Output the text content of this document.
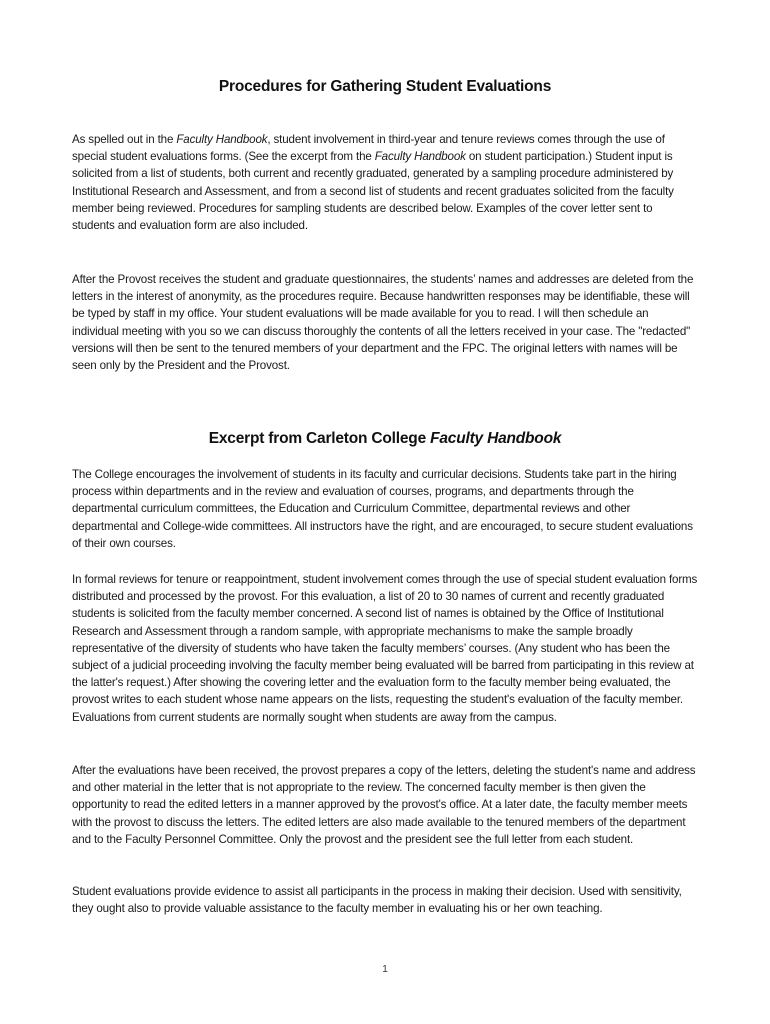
Procedures for Gathering Student Evaluations

As spelled out in the Faculty Handbook, student involvement in third-year and tenure reviews comes through the use of special student evaluations forms. (See the excerpt from the Faculty Handbook on student participation.) Student input is solicited from a list of students, both current and recently graduated, generated by a sampling procedure administered by Institutional Research and Assessment, and from a second list of students and recent graduates solicited from the faculty member being reviewed. Procedures for sampling students are described below. Examples of the cover letter sent to students and evaluation form are also included.

After the Provost receives the student and graduate questionnaires, the students’ names and addresses are deleted from the letters in the interest of anonymity, as the procedures require. Because handwritten responses may be identifiable, these will be typed by staff in my office. Your student evaluations will be made available for you to read. I will then schedule an individual meeting with you so we can discuss thoroughly the contents of all the letters received in your case. The "redacted" versions will then be sent to the tenured members of your department and the FPC. The original letters with names will be seen only by the President and the Provost.

Excerpt from Carleton College Faculty Handbook

The College encourages the involvement of students in its faculty and curricular decisions. Students take part in the hiring process within departments and in the review and evaluation of courses, programs, and departments through the departmental curriculum committees, the Education and Curriculum Committee, departmental reviews and other departmental and College-wide committees. All instructors have the right, and are encouraged, to secure student evaluations of their own courses.

In formal reviews for tenure or reappointment, student involvement comes through the use of special student evaluation forms distributed and processed by the provost. For this evaluation, a list of 20 to 30 names of current and recently graduated students is solicited from the faculty member concerned. A second list of names is obtained by the Office of Institutional Research and Assessment through a random sample, with appropriate mechanisms to make the sample broadly representative of the diversity of students who have taken the faculty members’ courses. (Any student who has been the subject of a judicial proceeding involving the faculty member being evaluated will be barred from participating in this review at the latter's request.) After showing the covering letter and the evaluation form to the faculty member being evaluated, the provost writes to each student whose name appears on the lists, requesting the student's evaluation of the faculty member. Evaluations from current students are normally sought when students are away from the campus.

After the evaluations have been received, the provost prepares a copy of the letters, deleting the student's name and address and other material in the letter that is not appropriate to the review. The concerned faculty member is then given the opportunity to read the edited letters in a manner approved by the provost's office. At a later date, the faculty member meets with the provost to discuss the letters. The edited letters are also made available to the tenured members of the department and to the Faculty Personnel Committee. Only the provost and the president see the full letter from each student.

Student evaluations provide evidence to assist all participants in the process in making their decision. Used with sensitivity, they ought also to provide valuable assistance to the faculty member in evaluating his or her own teaching.

1
